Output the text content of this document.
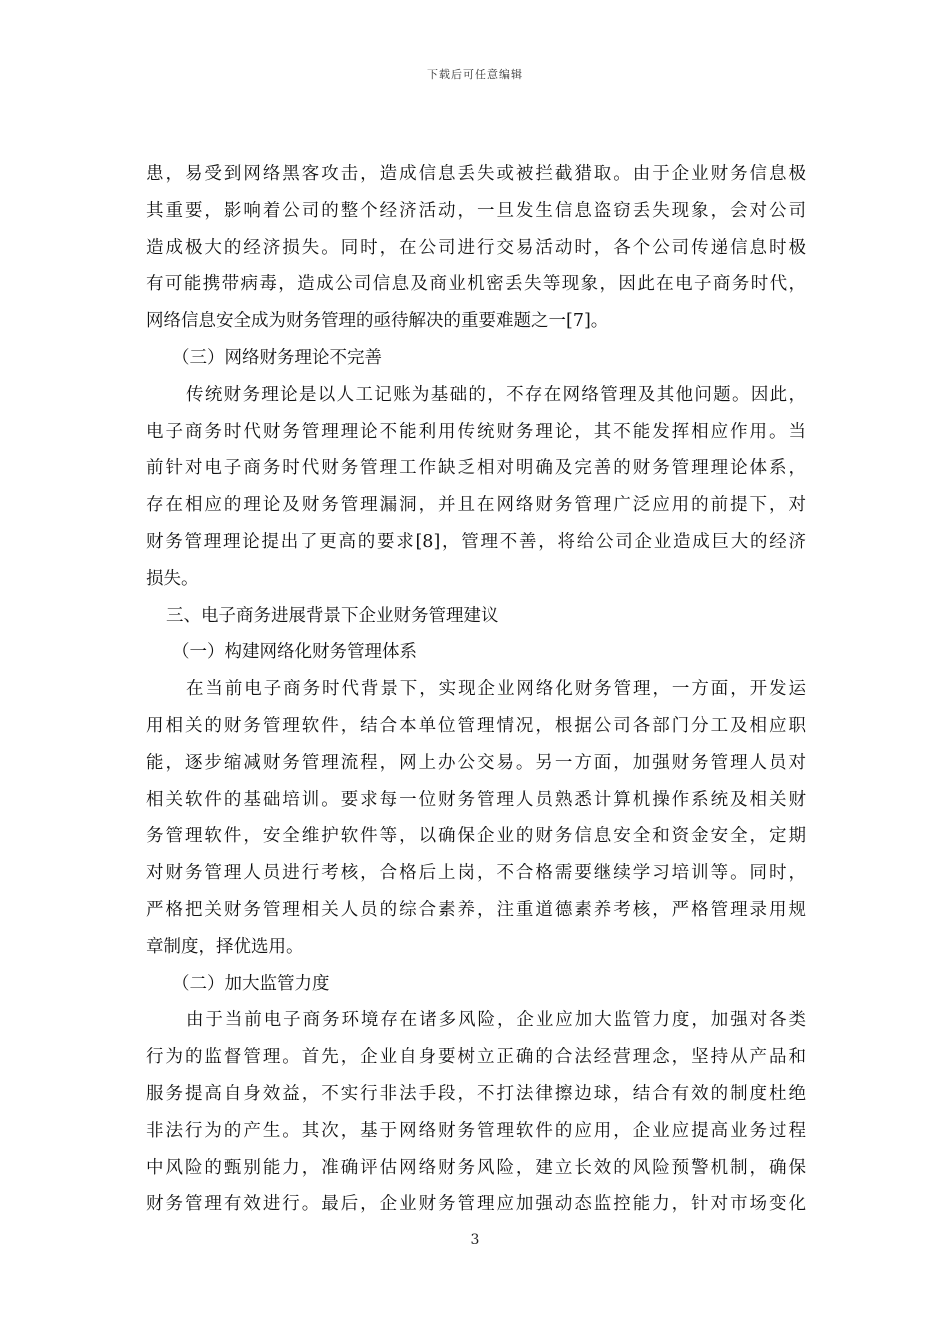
下载后可任意编辑
患，易受到网络黑客攻击，造成信息丢失或被拦截猎取。由于企业财务信息极
其重要，影响着公司的整个经济活动，一旦发生信息盗窃丢失现象，会对公司
造成极大的经济损失。同时，在公司进行交易活动时，各个公司传递信息时极
有可能携带病毒，造成公司信息及商业机密丢失等现象，因此在电子商务时代，
网络信息安全成为财务管理的亟待解决的重要难题之一[7]。
（三）网络财务理论不完善
传统财务理论是以人工记账为基础的，不存在网络管理及其他问题。因此，
电子商务时代财务管理理论不能利用传统财务理论，其不能发挥相应作用。当
前针对电子商务时代财务管理工作缺乏相对明确及完善的财务管理理论体系，
存在相应的理论及财务管理漏洞，并且在网络财务管理广泛应用的前提下，对
财务管理理论提出了更高的要求[8]，管理不善，将给公司企业造成巨大的经济
损失。
三、电子商务进展背景下企业财务管理建议
（一）构建网络化财务管理体系
在当前电子商务时代背景下，实现企业网络化财务管理，一方面，开发运
用相关的财务管理软件，结合本单位管理情况，根据公司各部门分工及相应职
能，逐步缩减财务管理流程，网上办公交易。另一方面，加强财务管理人员对
相关软件的基础培训。要求每一位财务管理人员熟悉计算机操作系统及相关财
务管理软件，安全维护软件等，以确保企业的财务信息安全和资金安全，定期
对财务管理人员进行考核，合格后上岗，不合格需要继续学习培训等。同时，
严格把关财务管理相关人员的综合素养，注重道德素养考核，严格管理录用规
章制度，择优选用。
（二）加大监管力度
由于当前电子商务环境存在诸多风险，企业应加大监管力度，加强对各类
行为的监督管理。首先，企业自身要树立正确的合法经营理念，坚持从产品和
服务提高自身效益，不实行非法手段，不打法律擦边球，结合有效的制度杜绝
非法行为的产生。其次，基于网络财务管理软件的应用，企业应提高业务过程
中风险的甄别能力，准确评估网络财务风险，建立长效的风险预警机制，确保
财务管理有效进行。最后，企业财务管理应加强动态监控能力，针对市场变化
3
